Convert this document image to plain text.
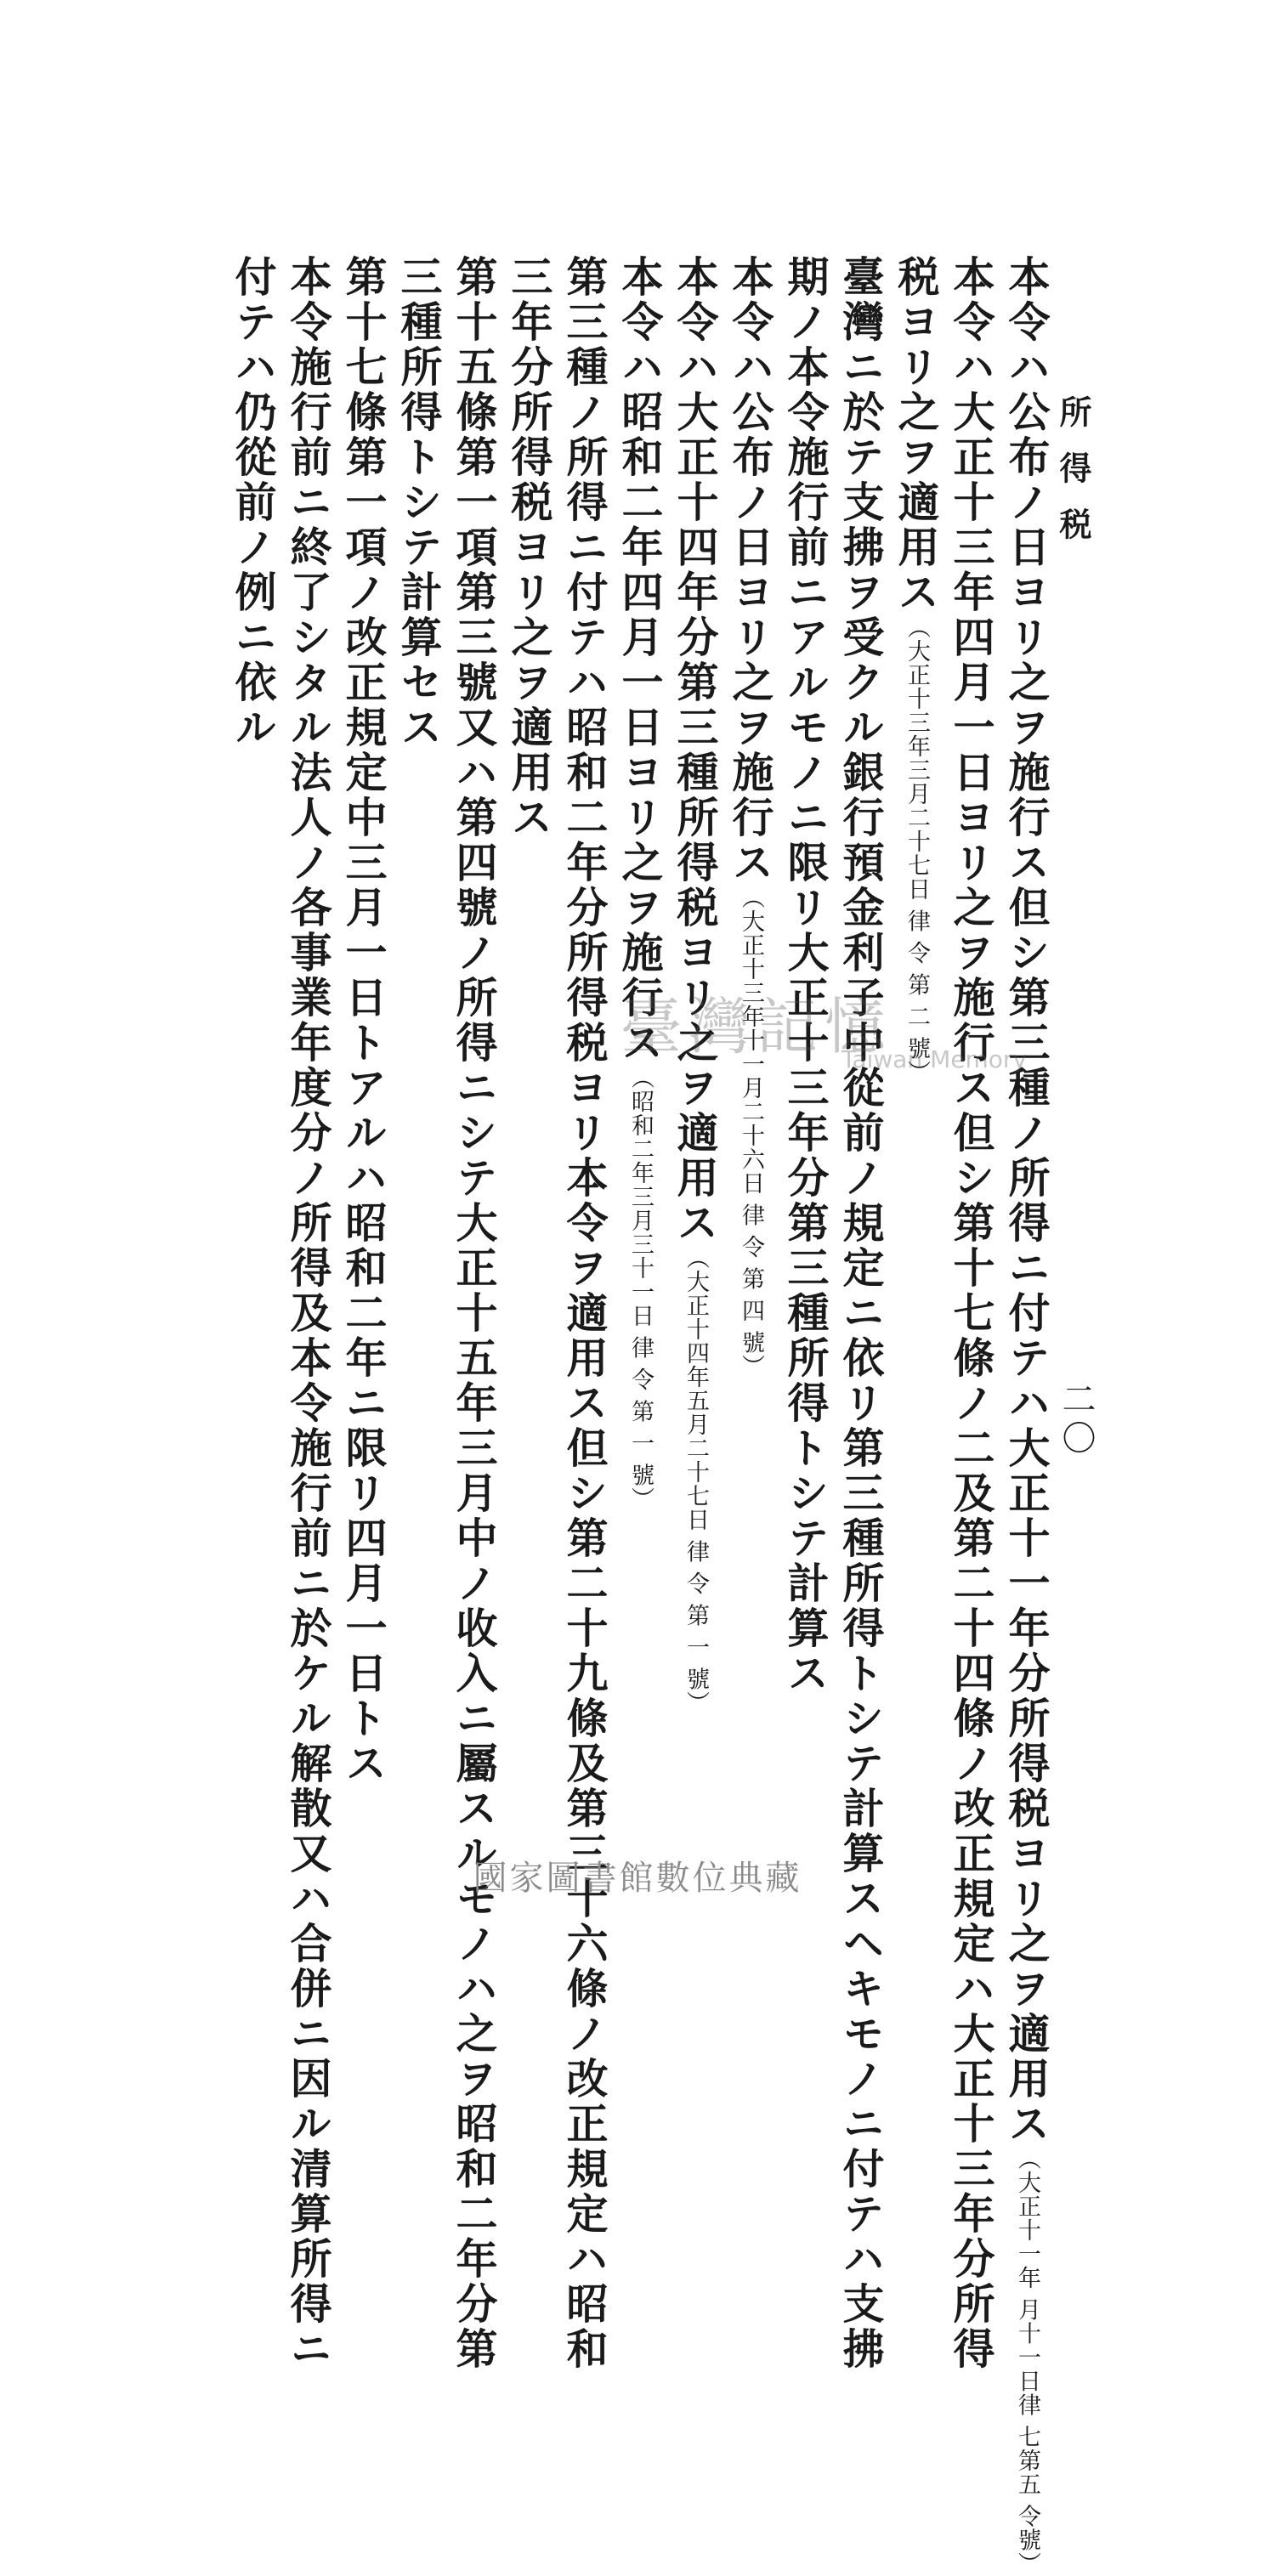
所得税
二〇
本令ハ公布ノ日ヨリ之ヲ施行ス但シ第三種ノ所得ニ付テハ大正十一年分所得税ヨリ之ヲ適用ス（大正十一年 月十一日律 七第五 令號）
本令ハ大正十三年四月一日ヨリ之ヲ施行ス但シ第十七條ノ二及第二十四條ノ改正規定ハ大正十三年分所得
税ヨリ之ヲ適用ス（大正十三年三月二十七日 律 令 第 二 號）
臺灣ニ於テ支拂ヲ受クル銀行預金利子中從前ノ規定ニ依リ第三種所得トシテ計算スヘキモノニ付テハ支拂
期ノ本令施行前ニアルモノニ限リ大正十三年分第三種所得トシテ計算ス
本令ハ公布ノ日ヨリ之ヲ施行ス（大正十三年十一月二十六日 律 令 第 四 號）
本令ハ大正十四年分第三種所得税ヨリ之ヲ適用ス（大正十四年五月二十七日 律 令 第 一 號）
本令ハ昭和二年四月一日ヨリ之ヲ施行ス（昭和二年三月三十一日 律 令 第 一 號）
第三種ノ所得ニ付テハ昭和二年分所得税ヨリ本令ヲ適用ス但シ第二十九條及第三十六條ノ改正規定ハ昭和
三年分所得税ヨリ之ヲ適用ス
第十五條第一項第三號又ハ第四號ノ所得ニシテ大正十五年三月中ノ收入ニ屬スルモノハ之ヲ昭和二年分第
三種所得トシテ計算セス
第十七條第一項ノ改正規定中三月一日トアルハ昭和二年ニ限リ四月一日トス
本令施行前ニ終了シタル法人ノ各事業年度分ノ所得及本令施行前ニ於ケル解散又ハ合併ニ因ル清算所得ニ
付テハ仍從前ノ例ニ依ル
臺灣記憶
Taiwan Memory
國家圖書館數位典藏
